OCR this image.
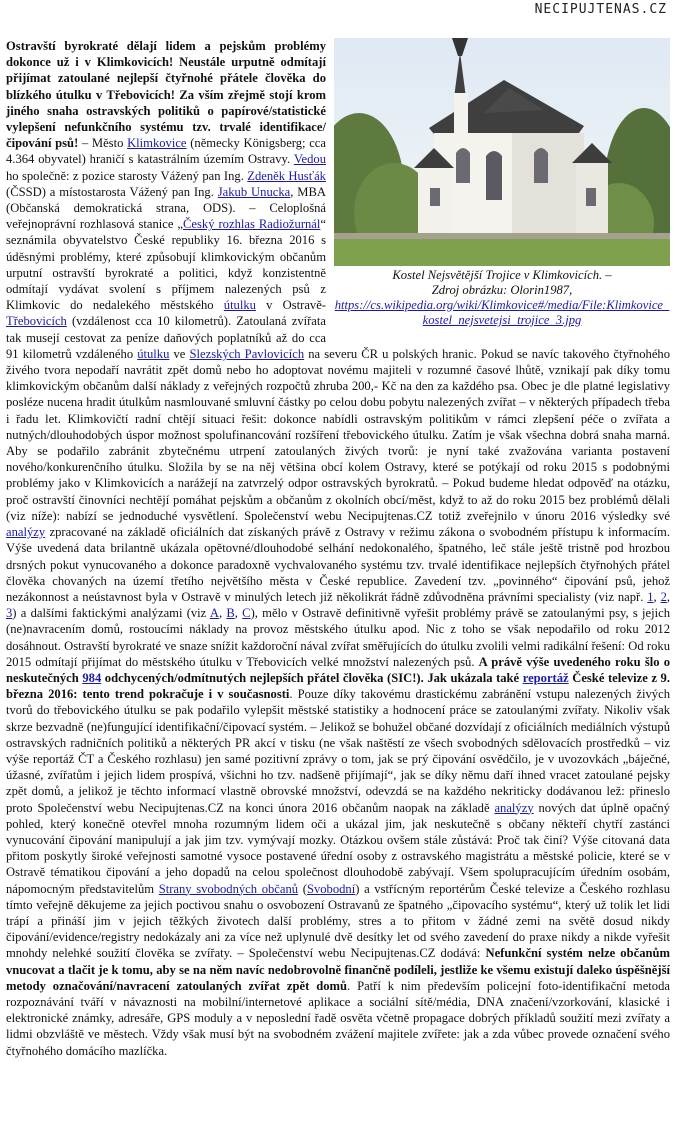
NECIPUJTENAS.CZ
Kostel Nejsvětější Trojice v Klimkovicích. –
Zdroj obrázku: Olorin1987,
https://cs.wikipedia.org/wiki/Klimkovice#/media/File:Klimkovice_kostel_nejsvetejsi_trojice_3.jpg

Ostravští byrokraté dělají lidem a pejskům problémy dokonce už i v Klimkovicích! Neustále urputně odmítají přijímat zatoulané nejlepší čtyřnohé přátele člověka do blízkého útulku v Třebovicích! Za vším zřejmě stojí krom jiného snaha ostravských politiků o papírové/statistické vylepšení nefunkčního systému tzv. trvalé identifikace/čipování psů! – Město Klimkovice (německy Königsberg; cca 4.364 obyvatel) hraničí s katastrálním územím Ostravy. Vedou ho společně: z pozice starosty Vážený pan Ing. Zdeněk Husťák (ČSSD) a místostarosta Vážený pan Ing. Jakub Unucka, MBA (Občanská demokratická strana, ODS). – Celoplošná veřejnoprávní rozhlasová stanice „Český rozhlas Radiožurnál“ seznámila obyvatelstvo České republiky 16. března 2016 s úděsnými problémy, které způsobují klimkovickým občanům urputní ostravští byrokraté a politici, když konzistentně odmítají vydávat svolení s příjmem nalezených psů z Klimkovic do nedalekého městského útulku v Ostravě-Třebovicích (vzdálenost cca 10 kilometrů). Zatoulaná zvířata tak musejí cestovat za peníze daňových poplatníků až do cca 91 kilometrů vzdáleného útulku ve Slezských Pavlovicích na severu ČR u polských hranic. Pokud se navíc takového čtyřnohého živého tvora nepodaří navrátit zpět domů nebo ho adoptovat novému majiteli v rozumné časové lhůtě, vznikají pak díky tomu klimkovickým občanům další náklady z veřejných rozpočtů zhruba 200,- Kč na den za každého psa. Obec je dle platné legislativy posléze nucena hradit útulkům nasmlouvané smluvní částky po celou dobu pobytu nalezených zvířat – v některých případech třeba i řadu let. Klimkovičtí radní chtějí situaci řešit: dokonce nabídli ostravským politikům v rámci zlepšení péče o zvířata a nutných/dlouhodobých úspor možnost spolufinancování rozšíření třebovického útulku. Zatím je však všechna dobrá snaha marná. Aby se podařilo zabránit zbytečnému utrpení zatoulaných živých tvorů: je nyní také zvažována varianta postavení nového/konkurenčního útulku. Složila by se na něj většina obcí kolem Ostravy, které se potýkají od roku 2015 s podobnými problémy jako v Klimkovicích a narážejí na zatvrzelý odpor ostravských byrokratů. – Pokud budeme hledat odpověď na otázku, proč ostravští činovníci nechtějí pomáhat pejskům a občanům z okolních obcí/měst, když to až do roku 2015 bez problémů dělali (viz níže): nabízí se jednoduché vysvětlení. Společenství webu Necipujtenas.CZ totiž zveřejnilo v únoru 2016 výsledky své analýzy zpracované na základě oficiálních dat získaných právě z Ostravy v režimu zákona o svobodném přístupu k informacím. Výše uvedená data brilantně ukázala opětovné/dlouhodobé selhání nedokonalého, špatného, leč stále ještě tristně pod hrozbou drsných pokut vynucovaného a dokonce paradoxně vychvalovaného systému tzv. trvalé identifikace nejlepších čtyřnohých přátel člověka chovaných na území třetího největšího města v České republice. Zavedení tzv. „povinného“ čipování psů, jehož nezákonnost a neústavnost byla v Ostravě v minulých letech již několikrát řádně zdůvodněna právními specialisty (viz např. 1, 2, 3) a dalšími faktickými analýzami (viz A, B, C), mělo v Ostravě definitivně vyřešit problémy právě se zatoulanými psy, s jejich (ne)navracením domů, rostoucími náklady na provoz městského útulku apod. Nic z toho se však nepodařilo od roku 2012 dosáhnout. Ostravští byrokraté ve snaze snížit každoroční nával zvířat směřujících do útulku zvolili velmi radikální řešení: Od roku 2015 odmítají přijímat do městského útulku v Třebovicích velké množství nalezených psů. A právě výše uvedeného roku šlo o neskutečných 984 odchycených/odmítnutých nejlepších přátel člověka (SIC!). Jak ukázala také reportáž České televize z 9. března 2016: tento trend pokračuje i v současnosti. Pouze díky takovému drastickému zabránění vstupu nalezených živých tvorů do třebovického útulku se pak podařilo vylepšit městské statistiky a hodnocení práce se zatoulanými zvířaty. Nikoliv však skrze bezvadně (ne)fungující identifikační/čipovací systém. – Jelikož se bohužel občané dozvídají z oficiálních mediálních výstupů ostravských radničních politiků a některých PR akcí v tisku (ne však naštěstí ze všech svobodných sdělovacích prostředků – viz výše reportáž ČT a Českého rozhlasu) jen samé pozitivní zprávy o tom, jak se prý čipování osvědčilo, je v uvozovkách „báječné, úžasné, zvířatům i jejich lidem prospívá, všichni ho tzv. nadšeně přijímají“, jak se díky němu daří ihned vracet zatoulané pejsky zpět domů, a jelikož je těchto informací vlastně obrovské množství, odevzdá se na každého nekriticky dodávanou lež: přineslo proto Společenství webu Necipujtenas.CZ na konci února 2016 občanům naopak na základě analýzy nových dat úplně opačný pohled, který konečně otevřel mnoha rozumným lidem oči a ukázal jim, jak neskutečně s občany někteří chytří zastánci vynucování čipování manipulují a jak jim tzv. vymývají mozky. Otázkou ovšem stále zůstává: Proč tak činí? Výše citovaná data přitom poskytly široké veřejnosti samotné vysoce postavené úřední osoby z ostravského magistrátu a městské policie, které se v Ostravě tématikou čipování a jeho dopadů na celou společnost dlouhodobě zabývají. Všem spolupracujícím úředním osobám, nápomocným představitelům Strany svobodných občanů (Svobodní) a vstřícným reportérům České televize a Českého rozhlasu tímto veřejně děkujeme za jejich poctivou snahu o osvobození Ostravanů ze špatného „čipovacího systému“, který už tolik let lidi trápí a přináší jim v jejich těžkých životech další problémy, stres a to přitom v žádné zemi na světě dosud nikdy čipování/evidence/registry nedokázaly ani za více než uplynulé dvě desítky let od svého zavedení do praxe nikdy a nikde vyřešit mnohdy nelehké soužití člověka se zvířaty. – Společenství webu Necipujtenas.CZ dodává: Nefunkční systém nelze občanům vnucovat a tlačit je k tomu, aby se na něm navíc nedobrovolně finančně podíleli, jestliže ke všemu existují daleko úspěšnější metody označování/navracení zatoulaných zvířat zpět domů. Patří k nim především policejní foto-identifikační metoda rozpoznávání tváří v návaznosti na mobilní/internetové aplikace a sociální sítě/média, DNA značení/vzorkování, klasické i elektronické známky, adresáře, GPS moduly a v neposlední řadě osvěta včetně propagace dobrých příkladů soužití mezi zvířaty a lidmi obzvláště ve městech. Vždy však musí být na svobodném zvážení majitele zvířete: jak a zda vůbec provede označení svého čtyřnohého domácího mazlíčka.
